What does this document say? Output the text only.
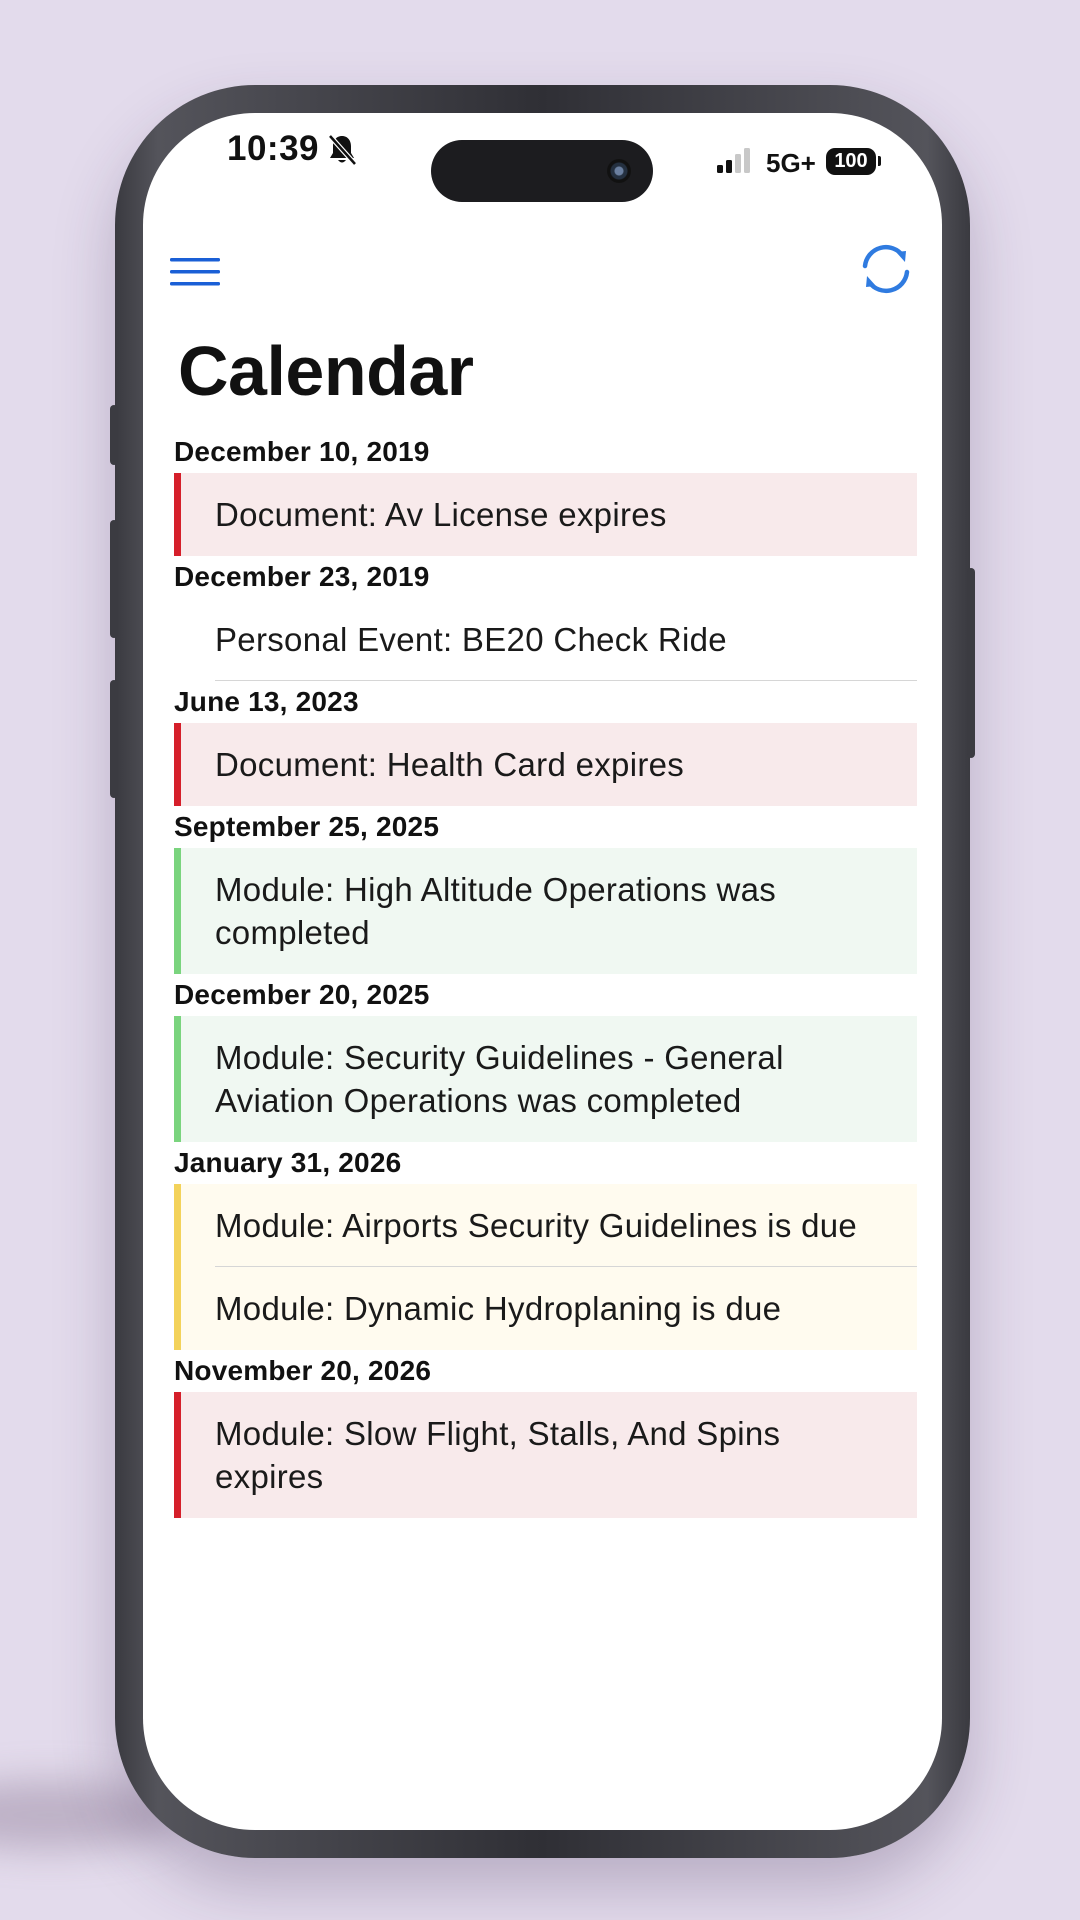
10:39	5G+ 100
Calendar
December 10, 2019
Document: Av License expires
December 23, 2019
Personal Event: BE20 Check Ride
June 13, 2023
Document: Health Card expires
September 25, 2025
Module: High Altitude Operations was completed
December 20, 2025
Module: Security Guidelines - General Aviation Operations was completed
January 31, 2026
Module: Airports Security Guidelines is due
Module: Dynamic Hydroplaning is due
November 20, 2026
Module: Slow Flight, Stalls, And Spins expires
